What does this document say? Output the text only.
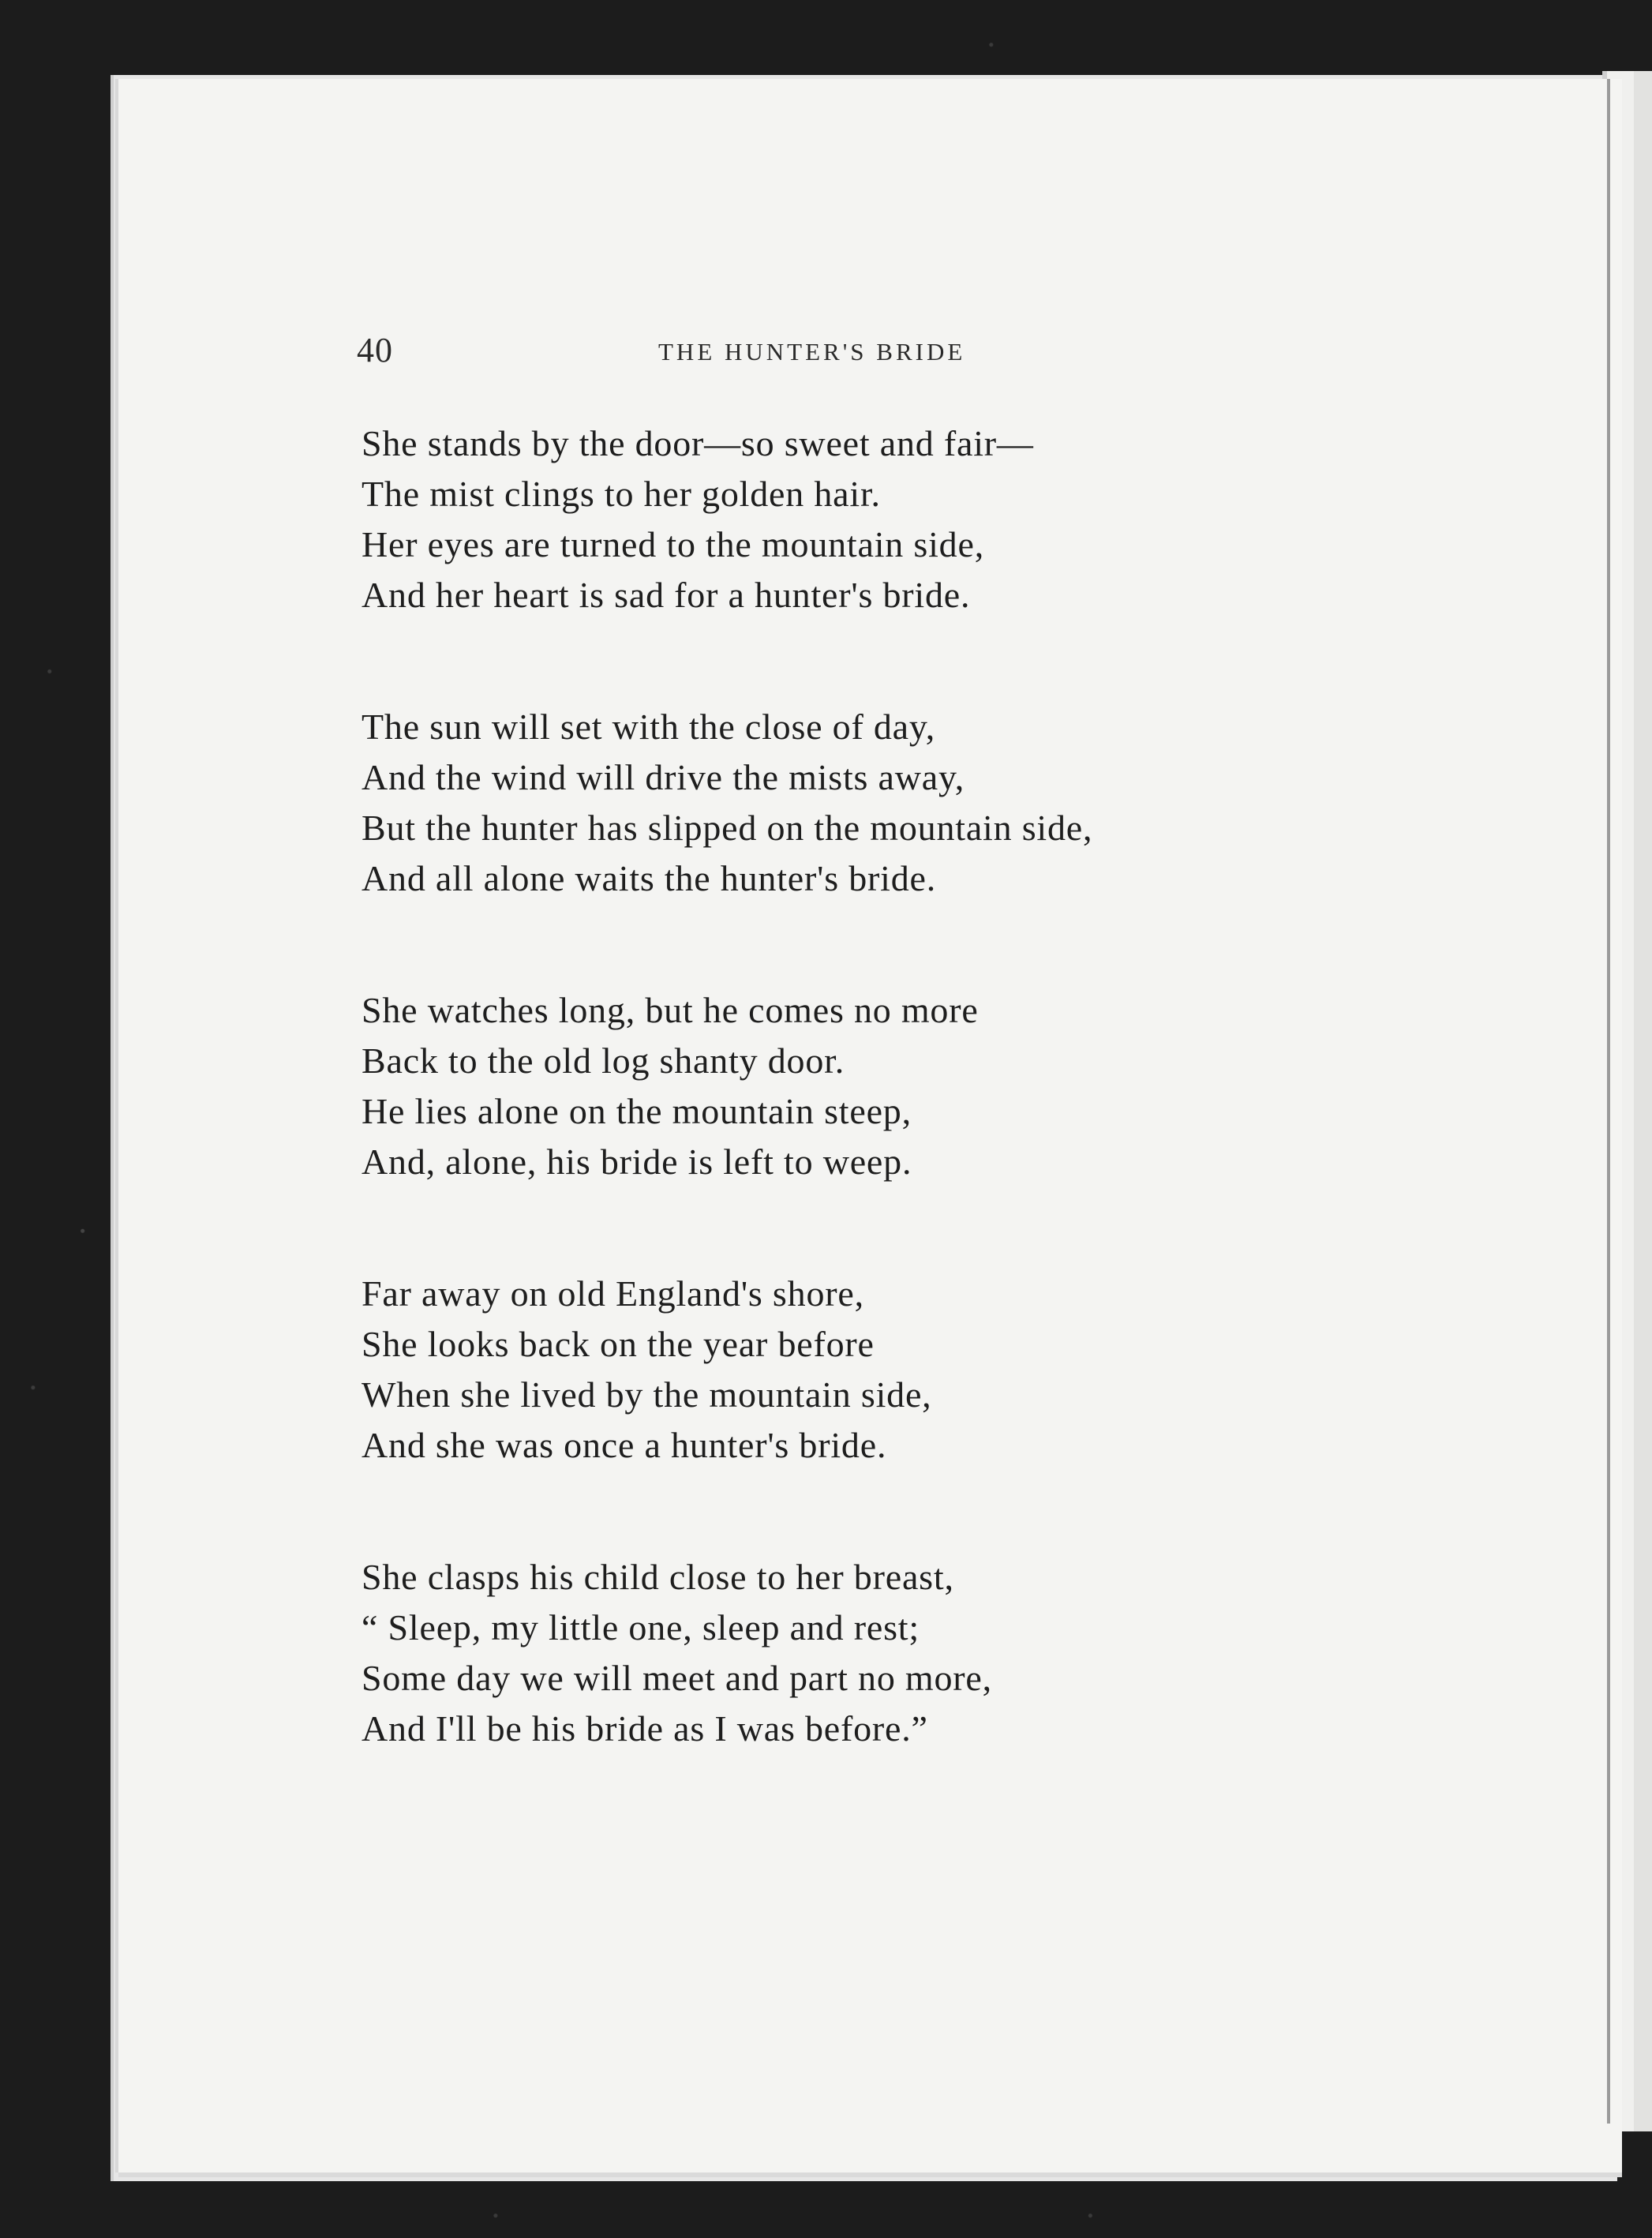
40	THE HUNTER'S BRIDE
She stands by the door—so sweet and fair—
The mist clings to her golden hair.
Her eyes are turned to the mountain side,
And her heart is sad for a hunter's bride.
The sun will set with the close of day,
And the wind will drive the mists away,
But the hunter has slipped on the mountain side,
And all alone waits the hunter's bride.
She watches long, but he comes no more
Back to the old log shanty door.
He lies alone on the mountain steep,
And, alone, his bride is left to weep.
Far away on old England's shore,
She looks back on the year before
When she lived by the mountain side,
And she was once a hunter's bride.
She clasps his child close to her breast,
“ Sleep, my little one, sleep and rest;
Some day we will meet and part no more,
And I'll be his bride as I was before.”
